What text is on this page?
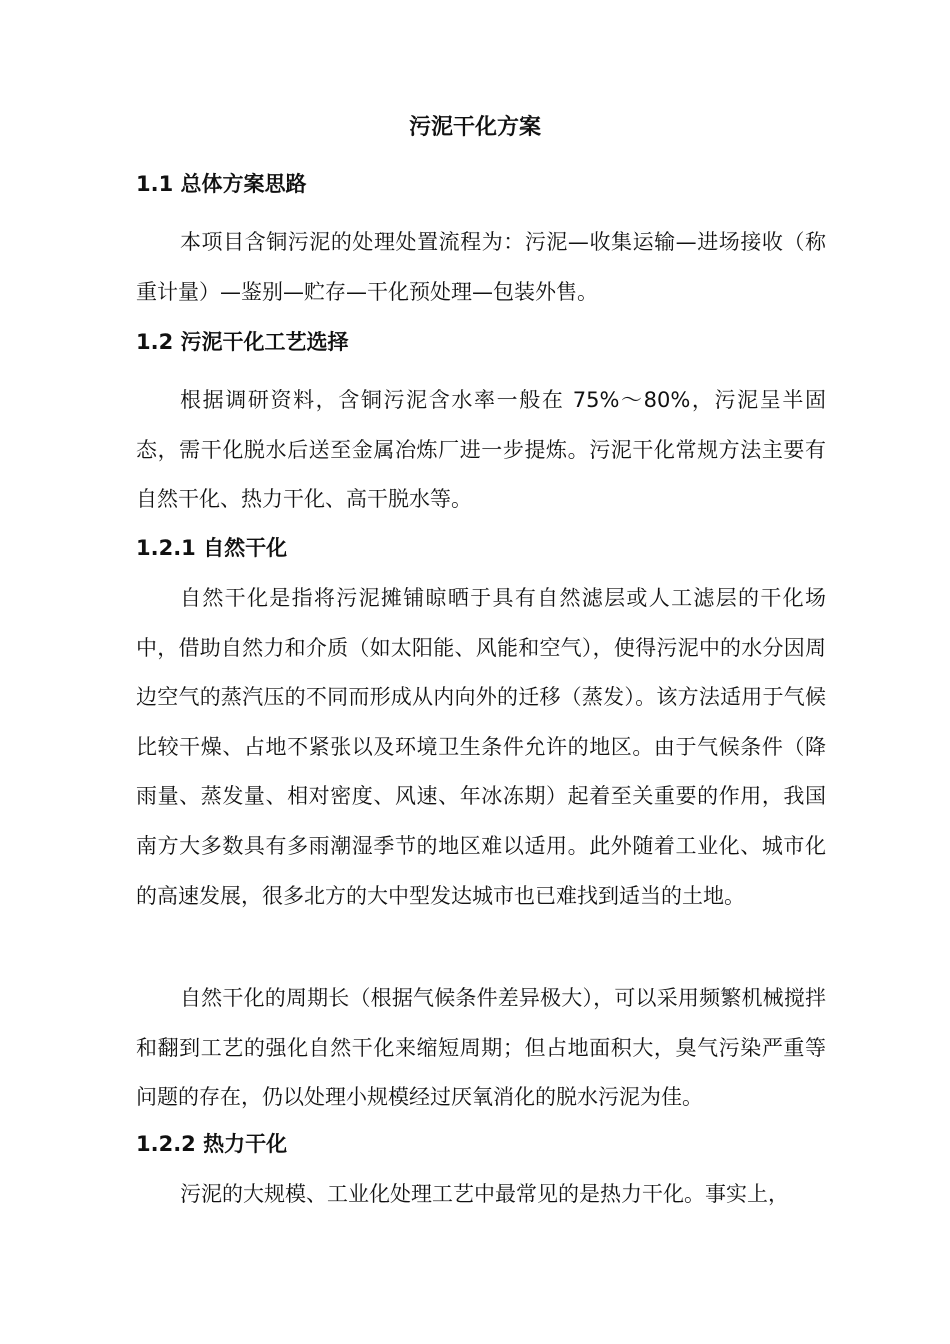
污泥干化方案
1.1 总体方案思路
本项目含铜污泥的处理处置流程为：污泥—收集运输—进场接收（称重计量）—鉴别—贮存—干化预处理—包装外售。
1.2 污泥干化工艺选择
根据调研资料，含铜污泥含水率一般在 75%～80%，污泥呈半固态，需干化脱水后送至金属冶炼厂进一步提炼。污泥干化常规方法主要有自然干化、热力干化、高干脱水等。
1.2.1 自然干化
自然干化是指将污泥摊铺晾晒于具有自然滤层或人工滤层的干化场中，借助自然力和介质（如太阳能、风能和空气），使得污泥中的水分因周边空气的蒸汽压的不同而形成从内向外的迁移（蒸发）。该方法适用于气候比较干燥、占地不紧张以及环境卫生条件允许的地区。由于气候条件（降雨量、蒸发量、相对密度、风速、年冰冻期）起着至关重要的作用，我国南方大多数具有多雨潮湿季节的地区难以适用。此外随着工业化、城市化的高速发展，很多北方的大中型发达城市也已难找到适当的土地。
自然干化的周期长（根据气候条件差异极大），可以采用频繁机械搅拌和翻到工艺的强化自然干化来缩短周期；但占地面积大，臭气污染严重等问题的存在，仍以处理小规模经过厌氧消化的脱水污泥为佳。
1.2.2 热力干化
污泥的大规模、工业化处理工艺中最常见的是热力干化。事实上，
